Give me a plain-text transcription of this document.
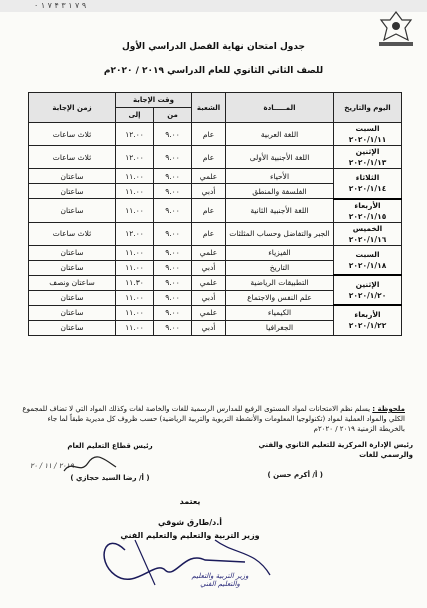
۰ ۱ ۷ ۴ ۳ ۱ ٩ ٧
جدول امتحان نهاية الفصل الدراسي الأول
للصف الثاني الثانوي للعام الدراسي ٢٠١٩ / ٢٠٢٠م
اليوم والتاريخ	المـــــادة	الشعبة	وقت الإجابة		زمن الإجابة
			من	إلى	

السبت
٢٠٢٠/١/١١	اللغة العربية	عام	٩.٠٠	١٢.٠٠	ثلاث ساعات

الإثنين
٢٠٢٠/١/١٣	اللغة الأجنبية الأولى	عام	٩.٠٠	١٢.٠٠	ثلاث ساعات

الثلاثاء
٢٠٢٠/١/١٤	الأحياء	علمي	٩.٠٠	١١.٠٠	ساعتان
	الفلسفة والمنطق	أدبي	٩.٠٠	١١.٠٠	ساعتان

الأربعاء
٢٠٢٠/١/١٥	اللغة الأجنبية الثانية	عام	٩.٠٠	١١.٠٠	ساعتان

الخميس
٢٠٢٠/١/١٦	الجبر والتفاضل وحساب المثلثات	عام	٩.٠٠	١٢.٠٠	ثلاث ساعات

السبت
٢٠٢٠/١/١٨	الفيزياء	علمي	٩.٠٠	١١.٠٠	ساعتان
	التاريخ	أدبي	٩.٠٠	١١.٠٠	ساعتان

الإثنين
٢٠٢٠/١/٢٠	التطبيقات الرياضية	علمي	٩.٠٠	١١.٣٠	ساعتان ونصف
	علم النفس والاجتماع	أدبي	٩.٠٠	١١.٠٠	ساعتان

الأربعاء
٢٠٢٠/١/٢٢	الكيمياء	علمي	٩.٠٠	١١.٠٠	ساعتان
	الجغرافيا	أدبي	٩.٠٠	١١.٠٠	ساعتان
ملحوظة : يسلم نظم الامتحانات لمواد المستوى الرفيع للمدارس الرسمية للغات والخاصة لغات وكذلك المواد التي لا تضاف للمجموع الكلي والمواد العملية لمواد (تكنولوجيا المعلومات والأنشطة التربوية والتربية الرياضية) حسب ظروف كل مديرية طبقاً لما جاء بالخريطة الزمنية ٢٠١٩ / ٢٠٢٠م
رئيس الإدارة المركزية للتعليم الثانوي والفني
والرسمي للغات
( أ/ أكرم حسن )
رئيس قطاع التعليم العام
٢٠١٩ / ١١ / ٢٠
( أ/ رضا السيد حجازي )
يعتمد
أ.د/طارق شوقي
وزير التربية والتعليم والتعليم الفني
وزير التربية والتعليم
والتعليم الفني
